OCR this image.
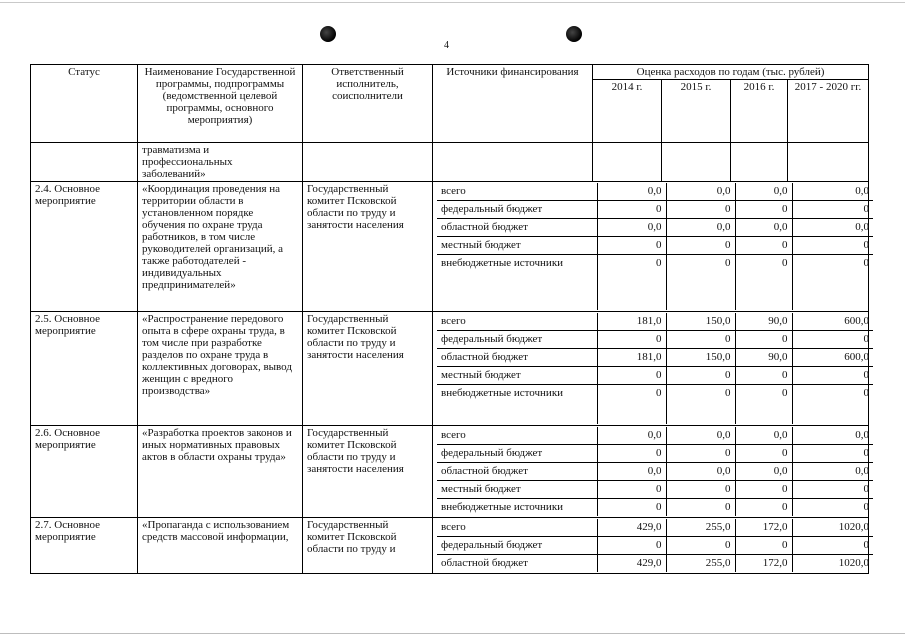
4
Статус	Наименование Государственной программы, подпрограммы (ведомственной целевой программы, основного мероприятия)	Ответственный исполнитель, соисполнители	Источники финансирования	Оценка расходов по годам (тыс. рублей)
2014 г.	2015 г.	2016 г.	2017 - 2020 гг.
	травматизма и профессиональных заболеваний»						
2.4. Основное мероприятие	«Координация проведения на территории области в установленном порядке обучения по охране труда работников, в том числе руководителей организаций, а также работодателей - индивидуальных предпринимателей»	Государственный комитет Псковской области по труду и занятости населения	
всего	0,0	0,0	0,0	0,0
федеральный бюджет	0	0	0	0
областной бюджет	0,0	0,0	0,0	0,0
местный бюджет	0	0	0	0
внебюджетные источники	0	0	0	0

2.5. Основное мероприятие	«Распространение передового опыта в сфере охраны труда, в том числе при разработке разделов по охране труда в коллективных договорах, вывод женщин с вредного производства»	Государственный комитет Псковской области по труду и занятости населения	
всего	181,0	150,0	90,0	600,0
федеральный бюджет	0	0	0	0
областной бюджет	181,0	150,0	90,0	600,0
местный бюджет	0	0	0	0
внебюджетные источники	0	0	0	0

2.6. Основное мероприятие	«Разработка проектов законов и иных нормативных правовых актов в области охраны труда»	Государственный комитет Псковской области по труду и занятости населения	
всего	0,0	0,0	0,0	0,0
федеральный бюджет	0	0	0	0
областной бюджет	0,0	0,0	0,0	0,0
местный бюджет	0	0	0	0
внебюджетные источники	0	0	0	0

2.7. Основное мероприятие	«Пропаганда с использованием средств массовой информации,	Государственный комитет Псковской области по труду и	
всего	429,0	255,0	172,0	1020,0
федеральный бюджет	0	0	0	0
областной бюджет	429,0	255,0	172,0	1020,0
